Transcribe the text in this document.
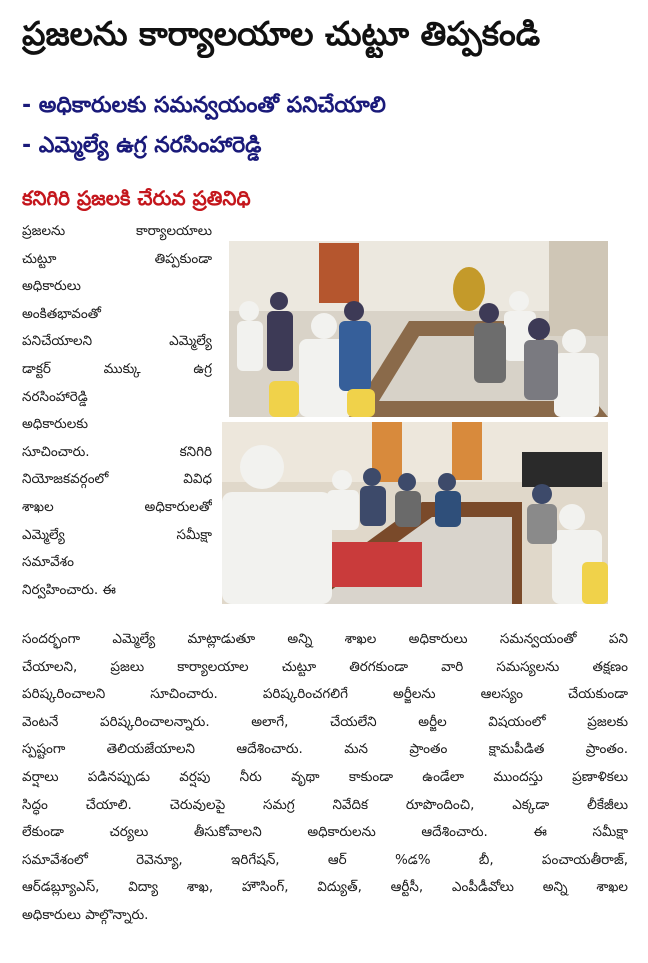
ప్రజలను కార్యాలయాల చుట్టూ తిప్పకండి
- అధికారులకు సమన్వయంతో పనిచేయాలి
- ఎమ్మెల్యే ఉగ్ర నరసింహారెడ్డి
కనిగిరి ప్రజలకి చేరువ ప్రతినిధి
ప్రజలను కార్యాలయాలు
చుట్టూ తిప్పకుండా
అధికారులు
అంకితభావంతో
పనిచేయాలని ఎమ్మెల్యే
డాక్టర్ ముక్కు ఉగ్ర
నరసింహారెడ్డి
అధికారులకు
సూచించారు. కనిగిరి
నియోజకవర్గంలో వివిధ
శాఖల అధికారులతో
ఎమ్మెల్యే సమీక్షా
సమావేశం
నిర్వహించారు. ఈ
సందర్భంగా ఎమ్మెల్యే మాట్లాడుతూ అన్ని శాఖల అధికారులు సమన్వయంతో పని
చేయాలని, ప్రజలు కార్యాలయాల చుట్టూ తిరగకుండా వారి సమస్యలను తక్షణం
పరిష్కరించాలని సూచించారు. పరిష్కరించగలిగే అర్జీలను ఆలస్యం చేయకుండా
వెంటనే పరిష్కరించాలన్నారు. అలాగే, చేయలేని అర్జీల విషయంలో ప్రజలకు
స్పష్టంగా తెలియజేయాలని ఆదేశించారు. మన ప్రాంతం క్షామపీడిత ప్రాంతం.
వర్షాలు పడినప్పుడు వర్షపు నీరు వృథా కాకుండా ఉండేలా ముందస్తు ప్రణాళికలు
సిద్ధం చేయాలి. చెరువులపై సమగ్ర నివేదిక రూపొందించి, ఎక్కడా లీకేజీలు
లేకుండా చర్యలు తీసుకోవాలని అధికారులను ఆదేశించారు. ఈ సమీక్షా
సమావేశంలో రెవెన్యూ, ఇరిగేషన్, ఆర్ %డ% బీ, పంచాయతీరాజ్,
ఆర్‌డబ్ల్యూఎస్, విద్యా శాఖ, హౌసింగ్, విద్యుత్, ఆర్టీసీ, ఎంపీడీవోలు అన్ని శాఖల
అధికారులు పాల్గొన్నారు.
